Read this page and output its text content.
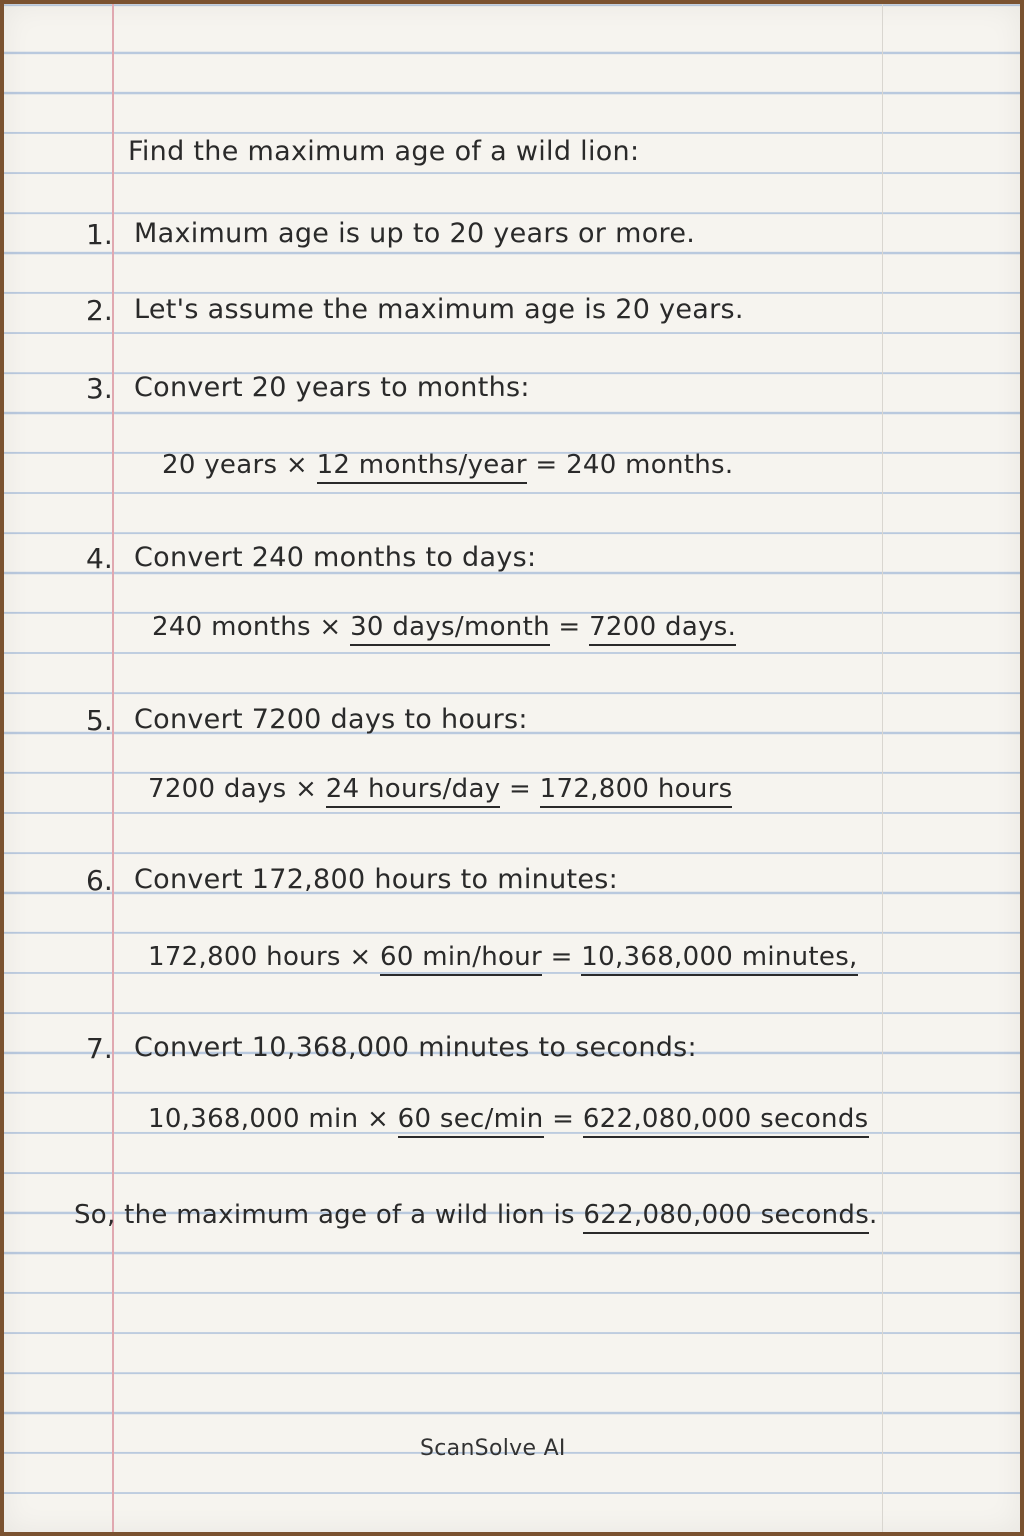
Find the maximum age of a wild lion:

1. Maximum age is up to 20 years or more.

2. Let's assume the maximum age is 20 years.

3. Convert 20 years to months:

20 years × 12 months/year = 240 months.

4. Convert 240 months to days:

240 months × 30 days/month = 7200 days.

5. Convert 7200 days to hours:

7200 days × 24 hours/day = 172,800 hours

6. Convert 172,800 hours to minutes:

172,800 hours × 60 min/hour = 10,368,000 minutes,

7. Convert 10,368,000 minutes to seconds:

10,368,000 min × 60 sec/min = 622,080,000 seconds

So, the maximum age of a wild lion is 622,080,000 seconds.

ScanSolve AI
